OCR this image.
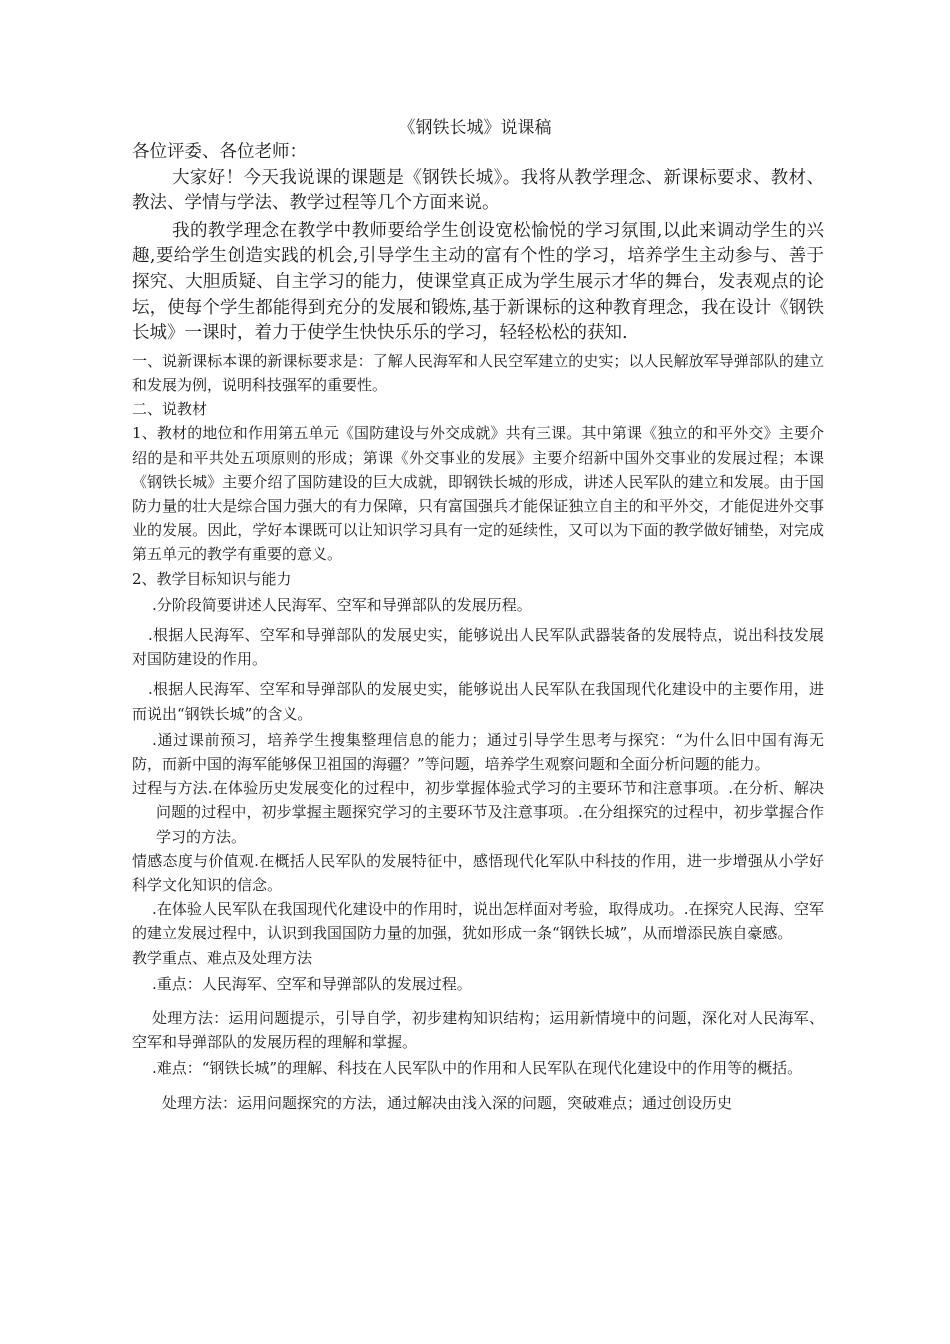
《钢铁长城》说课稿

各位评委、各位老师：

大家好！今天我说课的课题是《钢铁长城》。我将从教学理念、新课标要求、教材、教法、学情与学法、教学过程等几个方面来说。

我的教学理念在教学中教师要给学生创设宽松愉悦的学习氛围,以此来调动学生的兴趣,要给学生创造实践的机会,引导学生主动的富有个性的学习，培养学生主动参与、善于探究、大胆质疑、自主学习的能力，使课堂真正成为学生展示才华的舞台，发表观点的论坛，使每个学生都能得到充分的发展和锻炼,基于新课标的这种教育理念，我在设计《钢铁长城》一课时，着力于使学生快快乐乐的学习，轻轻松松的获知.

一、说新课标本课的新课标要求是：了解人民海军和人民空军建立的史实；以人民解放军导弹部队的建立和发展为例，说明科技强军的重要性。

二、说教材

1、教材的地位和作用第五单元《国防建设与外交成就》共有三课。其中第课《独立的和平外交》主要介绍的是和平共处五项原则的形成；第课《外交事业的发展》主要介绍新中国外交事业的发展过程；本课《钢铁长城》主要介绍了国防建设的巨大成就，即钢铁长城的形成，讲述人民军队的建立和发展。由于国防力量的壮大是综合国力强大的有力保障，只有富国强兵才能保证独立自主的和平外交，才能促进外交事业的发展。因此，学好本课既可以让知识学习具有一定的延续性，又可以为下面的教学做好铺垫，对完成第五单元的教学有重要的意义。

2、教学目标知识与能力

.分阶段简要讲述人民海军、空军和导弹部队的发展历程。

.根据人民海军、空军和导弹部队的发展史实，能够说出人民军队武器装备的发展特点，说出科技发展对国防建设的作用。

.根据人民海军、空军和导弹部队的发展史实，能够说出人民军队在我国现代化建设中的主要作用，进而说出“钢铁长城”的含义。

.通过课前预习，培养学生搜集整理信息的能力；通过引导学生思考与探究：“为什么旧中国有海无防，而新中国的海军能够保卫祖国的海疆？”等问题，培养学生观察问题和全面分析问题的能力。

过程与方法.在体验历史发展变化的过程中，初步掌握体验式学习的主要环节和注意事项。.在分析、解决问题的过程中，初步掌握主题探究学习的主要环节及注意事项。.在分组探究的过程中，初步掌握合作学习的方法。

情感态度与价值观.在概括人民军队的发展特征中，感悟现代化军队中科技的作用，进一步增强从小学好科学文化知识的信念。

.在体验人民军队在我国现代化建设中的作用时，说出怎样面对考验，取得成功。.在探究人民海、空军的建立发展过程中，认识到我国国防力量的加强，犹如形成一条“钢铁长城”，从而增添民族自豪感。

教学重点、难点及处理方法

.重点：人民海军、空军和导弹部队的发展过程。

处理方法：运用问题提示，引导自学，初步建构知识结构；运用新情境中的问题，深化对人民海军、空军和导弹部队的发展历程的理解和掌握。

.难点：“钢铁长城”的理解、科技在人民军队中的作用和人民军队在现代化建设中的作用等的概括。

处理方法：运用问题探究的方法，通过解决由浅入深的问题，突破难点；通过创设历史
